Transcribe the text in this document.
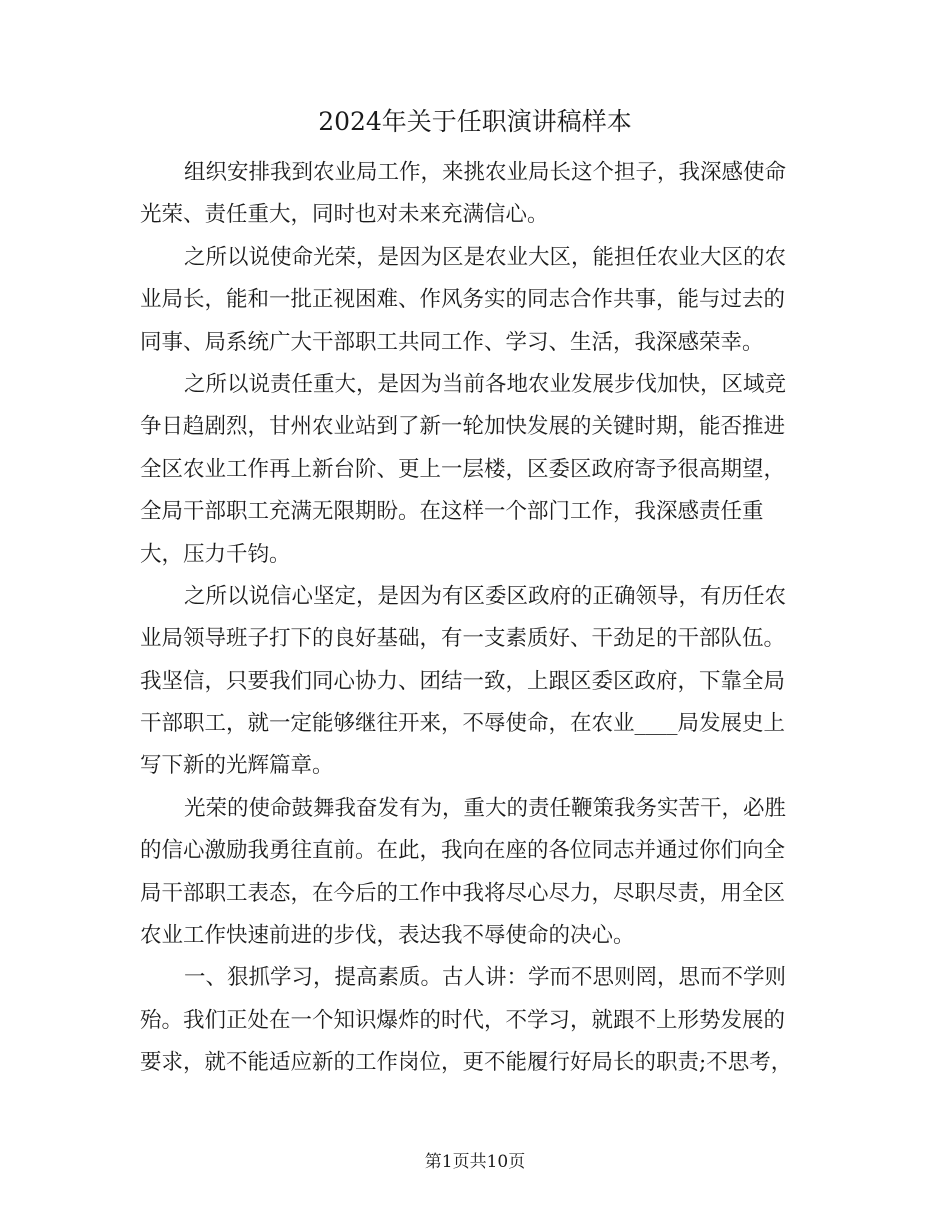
2024年关于任职演讲稿样本
组织安排我到农业局工作，来挑农业局长这个担子，我深感使命
光荣、责任重大，同时也对未来充满信心。
之所以说使命光荣，是因为区是农业大区，能担任农业大区的农
业局长，能和一批正视困难、作风务实的同志合作共事，能与过去的
同事、局系统广大干部职工共同工作、学习、生活，我深感荣幸。
之所以说责任重大，是因为当前各地农业发展步伐加快，区域竞
争日趋剧烈，甘州农业站到了新一轮加快发展的关键时期，能否推进
全区农业工作再上新台阶、更上一层楼，区委区政府寄予很高期望，
全局干部职工充满无限期盼。在这样一个部门工作，我深感责任重
大，压力千钧。
之所以说信心坚定，是因为有区委区政府的正确领导，有历任农
业局领导班子打下的良好基础，有一支素质好、干劲足的干部队伍。
我坚信，只要我们同心协力、团结一致，上跟区委区政府，下靠全局
干部职工，就一定能够继往开来，不辱使命，在农业____局发展史上
写下新的光辉篇章。
光荣的使命鼓舞我奋发有为，重大的责任鞭策我务实苦干，必胜
的信心激励我勇往直前。在此，我向在座的各位同志并通过你们向全
局干部职工表态，在今后的工作中我将尽心尽力，尽职尽责，用全区
农业工作快速前进的步伐，表达我不辱使命的决心。
一、狠抓学习，提高素质。古人讲：学而不思则罔，思而不学则
殆。我们正处在一个知识爆炸的时代，不学习，就跟不上形势发展的
要求，就不能适应新的工作岗位，更不能履行好局长的职责;不思考，
第1页共10页
